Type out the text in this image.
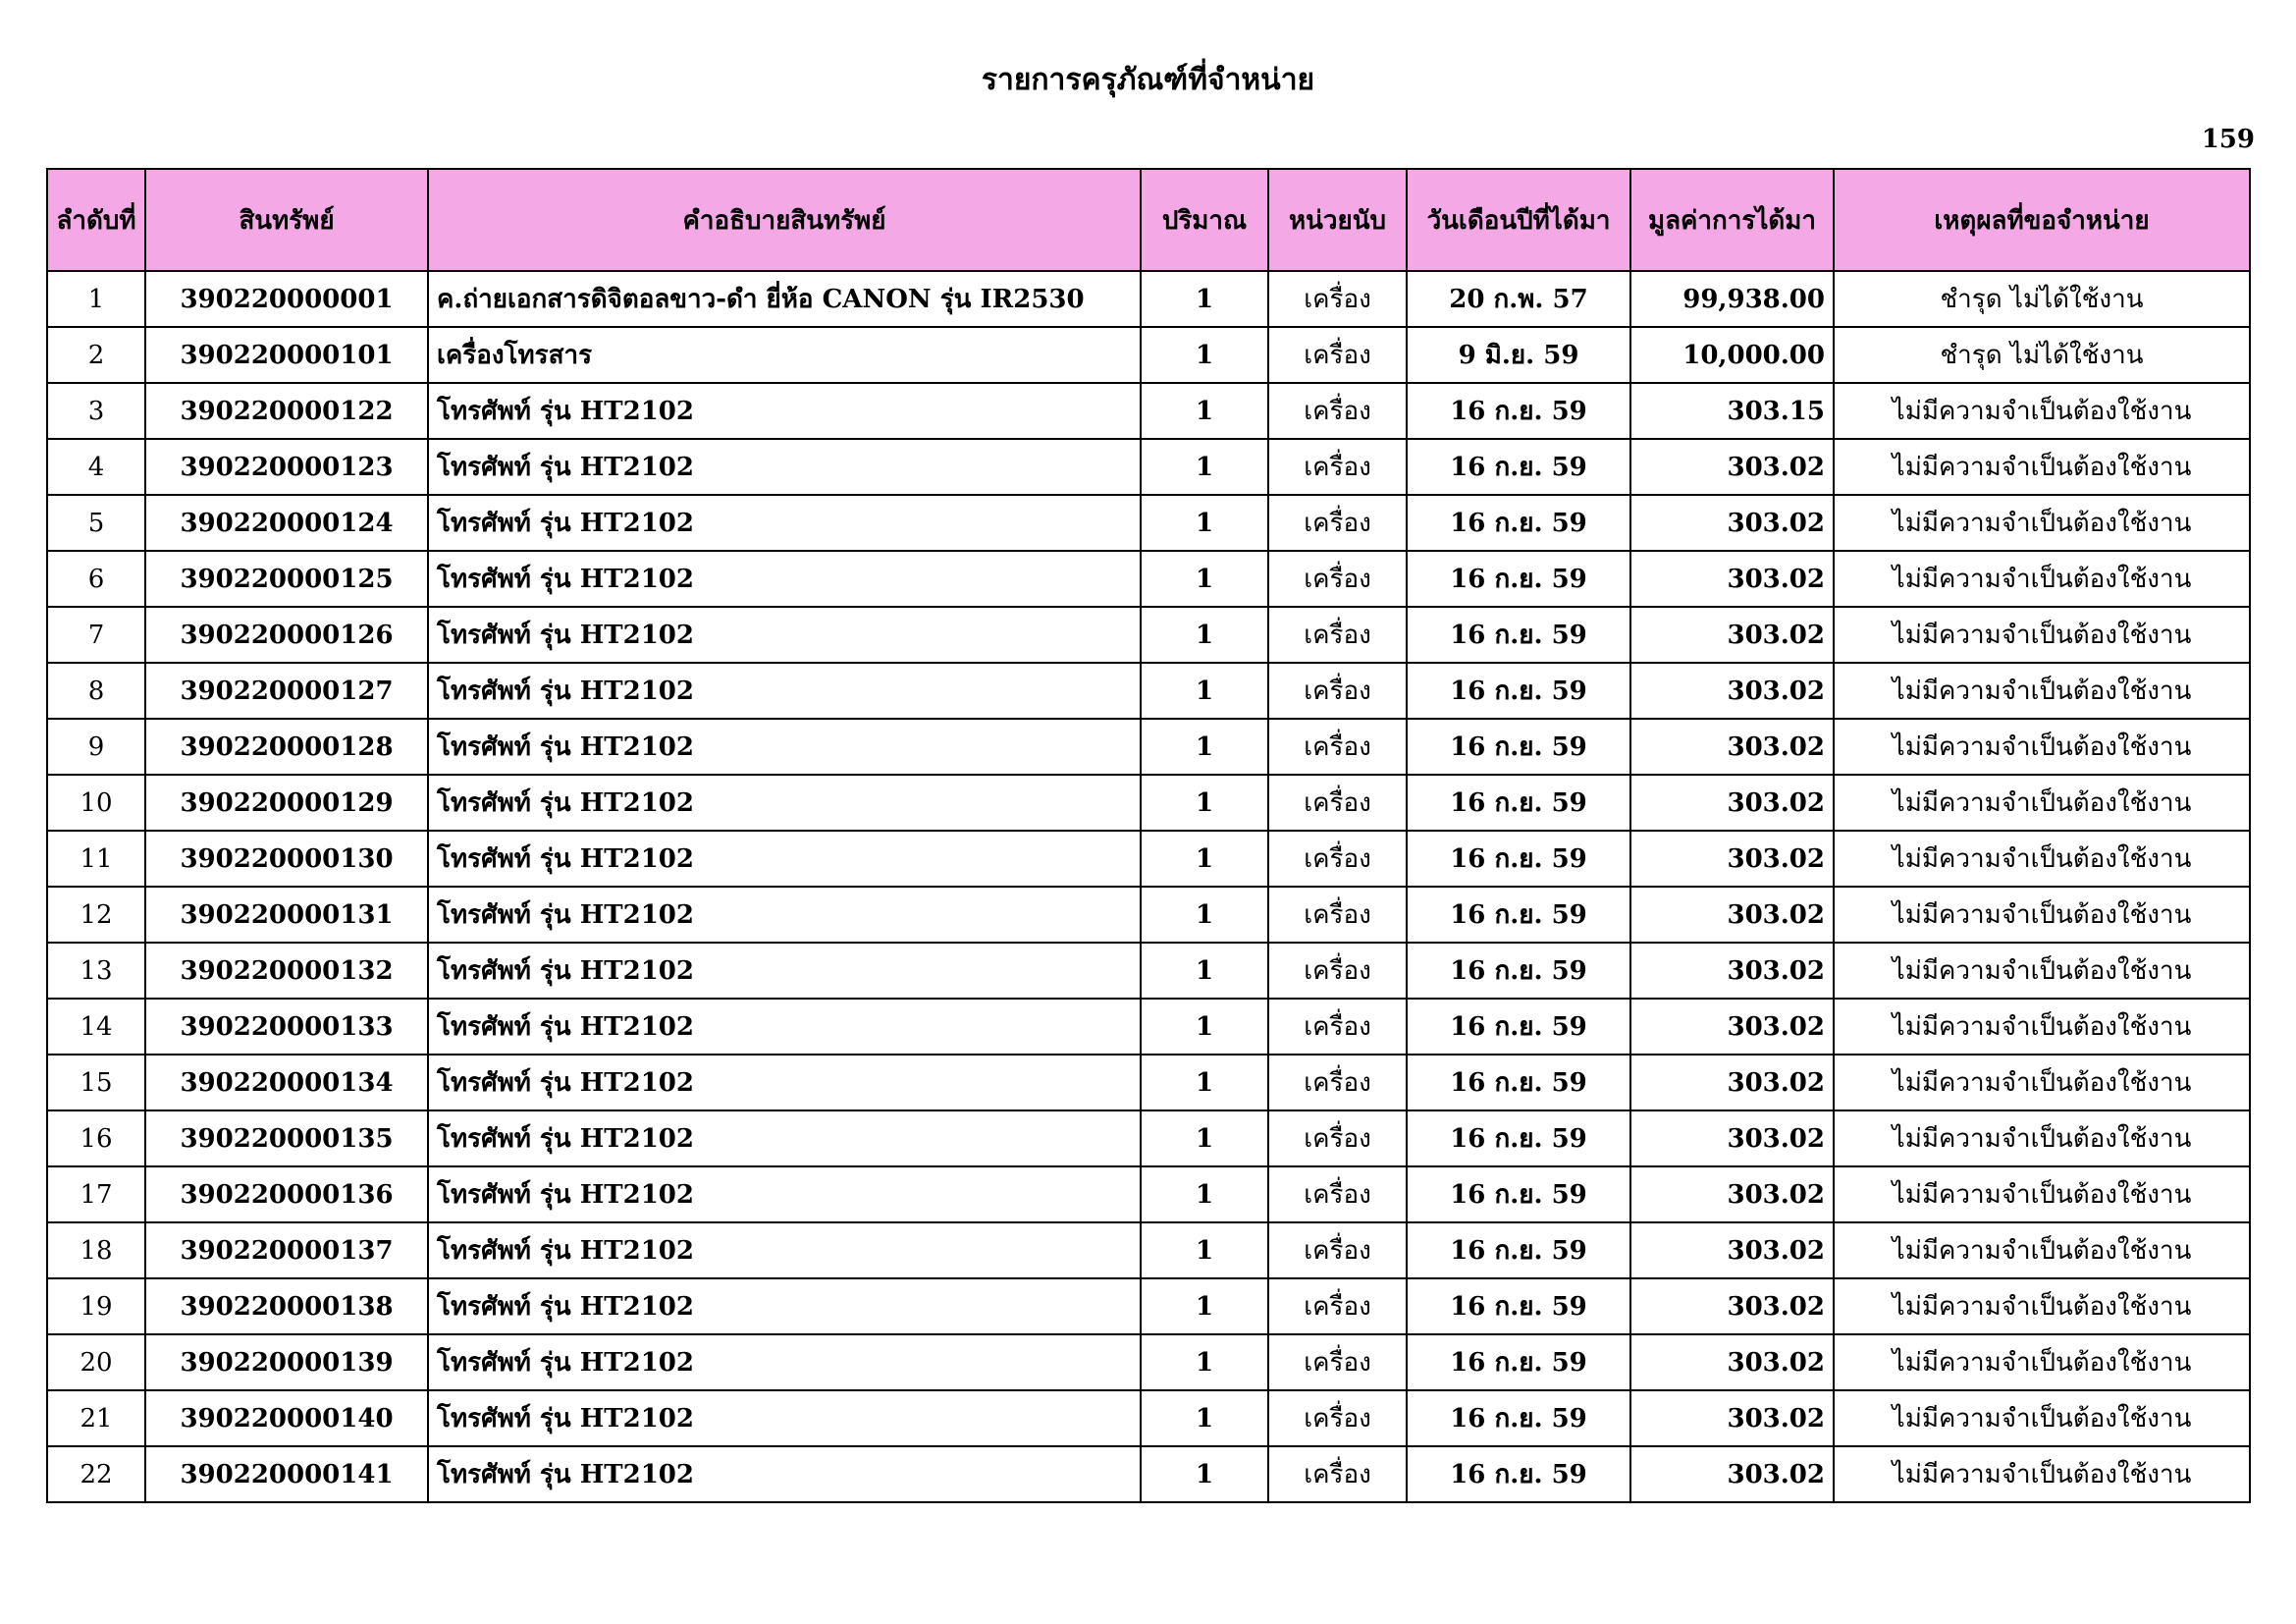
รายการครุภัณฑ์ที่จำหน่าย
159
ลำดับที่	สินทรัพย์	คำอธิบายสินทรัพย์	ปริมาณ	หน่วยนับ	วันเดือนปีที่ได้มา	มูลค่าการได้มา	เหตุผลที่ขอจำหน่าย
1	390220000001	ค.ถ่ายเอกสารดิจิตอลขาว-ดำ ยี่ห้อ CANON รุ่น IR2530	1	เครื่อง	20 ก.พ. 57	99,938.00	ชำรุด ไม่ได้ใช้งาน
2	390220000101	เครื่องโทรสาร	1	เครื่อง	9 มิ.ย. 59	10,000.00	ชำรุด ไม่ได้ใช้งาน
3	390220000122	โทรศัพท์ รุ่น HT2102	1	เครื่อง	16 ก.ย. 59	303.15	ไม่มีความจำเป็นต้องใช้งาน
4	390220000123	โทรศัพท์ รุ่น HT2102	1	เครื่อง	16 ก.ย. 59	303.02	ไม่มีความจำเป็นต้องใช้งาน
5	390220000124	โทรศัพท์ รุ่น HT2102	1	เครื่อง	16 ก.ย. 59	303.02	ไม่มีความจำเป็นต้องใช้งาน
6	390220000125	โทรศัพท์ รุ่น HT2102	1	เครื่อง	16 ก.ย. 59	303.02	ไม่มีความจำเป็นต้องใช้งาน
7	390220000126	โทรศัพท์ รุ่น HT2102	1	เครื่อง	16 ก.ย. 59	303.02	ไม่มีความจำเป็นต้องใช้งาน
8	390220000127	โทรศัพท์ รุ่น HT2102	1	เครื่อง	16 ก.ย. 59	303.02	ไม่มีความจำเป็นต้องใช้งาน
9	390220000128	โทรศัพท์ รุ่น HT2102	1	เครื่อง	16 ก.ย. 59	303.02	ไม่มีความจำเป็นต้องใช้งาน
10	390220000129	โทรศัพท์ รุ่น HT2102	1	เครื่อง	16 ก.ย. 59	303.02	ไม่มีความจำเป็นต้องใช้งาน
11	390220000130	โทรศัพท์ รุ่น HT2102	1	เครื่อง	16 ก.ย. 59	303.02	ไม่มีความจำเป็นต้องใช้งาน
12	390220000131	โทรศัพท์ รุ่น HT2102	1	เครื่อง	16 ก.ย. 59	303.02	ไม่มีความจำเป็นต้องใช้งาน
13	390220000132	โทรศัพท์ รุ่น HT2102	1	เครื่อง	16 ก.ย. 59	303.02	ไม่มีความจำเป็นต้องใช้งาน
14	390220000133	โทรศัพท์ รุ่น HT2102	1	เครื่อง	16 ก.ย. 59	303.02	ไม่มีความจำเป็นต้องใช้งาน
15	390220000134	โทรศัพท์ รุ่น HT2102	1	เครื่อง	16 ก.ย. 59	303.02	ไม่มีความจำเป็นต้องใช้งาน
16	390220000135	โทรศัพท์ รุ่น HT2102	1	เครื่อง	16 ก.ย. 59	303.02	ไม่มีความจำเป็นต้องใช้งาน
17	390220000136	โทรศัพท์ รุ่น HT2102	1	เครื่อง	16 ก.ย. 59	303.02	ไม่มีความจำเป็นต้องใช้งาน
18	390220000137	โทรศัพท์ รุ่น HT2102	1	เครื่อง	16 ก.ย. 59	303.02	ไม่มีความจำเป็นต้องใช้งาน
19	390220000138	โทรศัพท์ รุ่น HT2102	1	เครื่อง	16 ก.ย. 59	303.02	ไม่มีความจำเป็นต้องใช้งาน
20	390220000139	โทรศัพท์ รุ่น HT2102	1	เครื่อง	16 ก.ย. 59	303.02	ไม่มีความจำเป็นต้องใช้งาน
21	390220000140	โทรศัพท์ รุ่น HT2102	1	เครื่อง	16 ก.ย. 59	303.02	ไม่มีความจำเป็นต้องใช้งาน
22	390220000141	โทรศัพท์ รุ่น HT2102	1	เครื่อง	16 ก.ย. 59	303.02	ไม่มีความจำเป็นต้องใช้งาน
